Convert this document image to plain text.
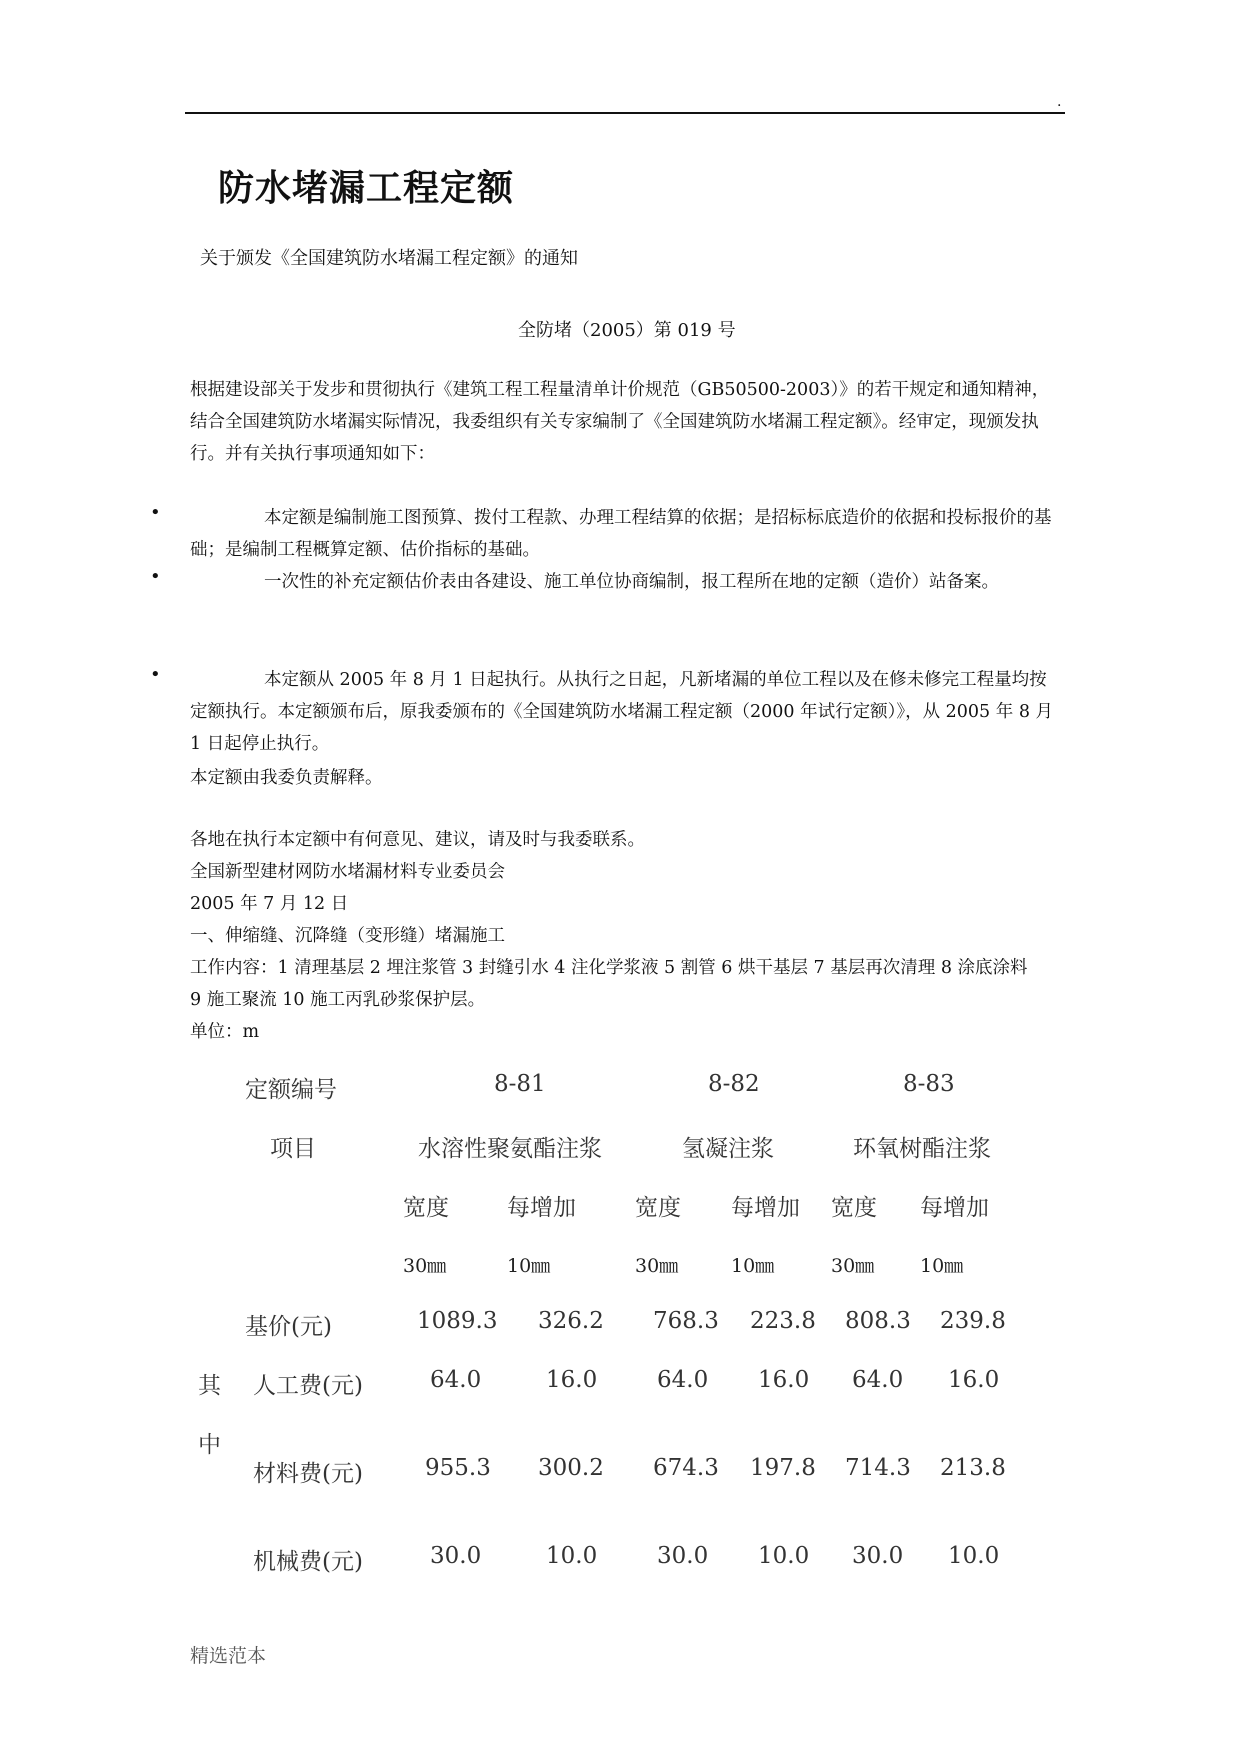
.
防水堵漏工程定额
关于颁发《全国建筑防水堵漏工程定额》的通知
全防堵（2005）第 019 号
根据建设部关于发步和贯彻执行《建筑工程工程量清单计价规范（GB50500-2003）》的若干规定和通知精神，结合全国建筑防水堵漏实际情况，我委组织有关专家编制了《全国建筑防水堵漏工程定额》。经审定，现颁发执行。并有关执行事项通知如下：
•	本定额是编制施工图预算、拨付工程款、办理工程结算的依据；是招标标底造价的依据和投标报价的基础；是编制工程概算定额、估价指标的基础。
•	一次性的补充定额估价表由各建设、施工单位协商编制，报工程所在地的定额（造价）站备案。
•	本定额从 2005 年 8 月 1 日起执行。从执行之日起，凡新堵漏的单位工程以及在修未修完工程量均按定额执行。本定额颁布后，原我委颁布的《全国建筑防水堵漏工程定额（2000 年试行定额）》，从 2005 年 8 月 1 日起停止执行。
本定额由我委负责解释。
各地在执行本定额中有何意见、建议，请及时与我委联系。
全国新型建材网防水堵漏材料专业委员会
2005 年 7 月 12 日
一、伸缩缝、沉降缝（变形缝）堵漏施工
工作内容：1 清理基层 2 埋注浆管 3 封缝引水 4 注化学浆液 5 割管 6 烘干基层 7 基层再次清理 8 涂底涂料
9 施工聚流 10 施工丙乳砂浆保护层。
单位：m
定额编号	8-81	8-82	8-83
项目	水溶性聚氨酯注浆	氢凝注浆	环氧树酯注浆
宽度	每增加	宽度 每增加 宽度 每增加
30㎜	10㎜	30㎜	10㎜	30㎜ 10㎜
基价(元)	1089.3 326.2 768.3 223.8 808.3 239.8
其
中
人工费(元)	64.0	16.0	64.0 16.0 64.0 16.0
材料费(元)	955.3 300.2 674.3 197.8 714.3 213.8
机械费(元)	30.0	10.0	30.0 10.0 30.0 10.0
精选范本
